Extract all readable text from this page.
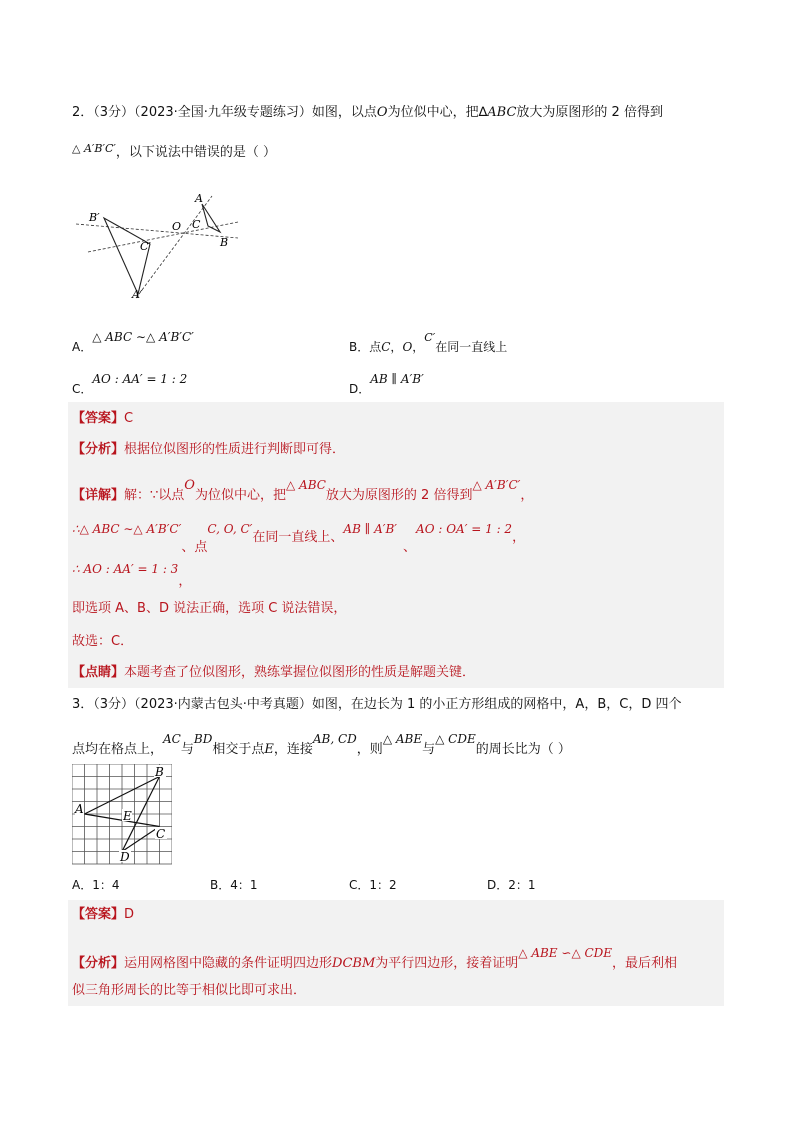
2．（3分）（2023·全国·九年级专题练习）如图，以点O为位似中心，把∆ABC放大为原图形的 2 倍得到
$^{\triangle A'B'C'}$，以下说法中错误的是（ ）
B′
C′
A′
O
A
C
B
A．△ ABC ∼△ A′B′C′
B．点C，O，C′在同一直线上
C．AO : AA′ = 1 : 2
D．AB ∥ A′B′
【答案】C
【分析】根据位似图形的性质进行判断即可得．
【详解】解：∵以点O为位似中心，把△ ABC放大为原图形的 2 倍得到△ A′B′C′，
∴△ ABC ∼△ A′B′C′、点C, O, C′在同一直线上、AB ∥ A′B′、AO : OA′ = 1 : 2，
∴ AO : AA′ = 1 : 3，
即选项 A、B、D 说法正确，选项 C 说法错误，
故选：C．
【点睛】本题考查了位似图形，熟练掌握位似图形的性质是解题关键．
3．（3分）（2023·内蒙古包头·中考真题）如图，在边长为 1 的小正方形组成的网格中，A，B，C，D 四个
点均在格点上，AC与BD相交于点E，连接AB, CD，则△ ABE与△ CDE的周长比为（ ）
A
B
C
D
E
A．1：4	B．4：1	C．1：2	D．2：1
【答案】D
【分析】运用网格图中隐藏的条件证明四边形DCBM为平行四边形，接着证明△ ABE ∽△ CDE，最后利相
似三角形周长的比等于相似比即可求出．
